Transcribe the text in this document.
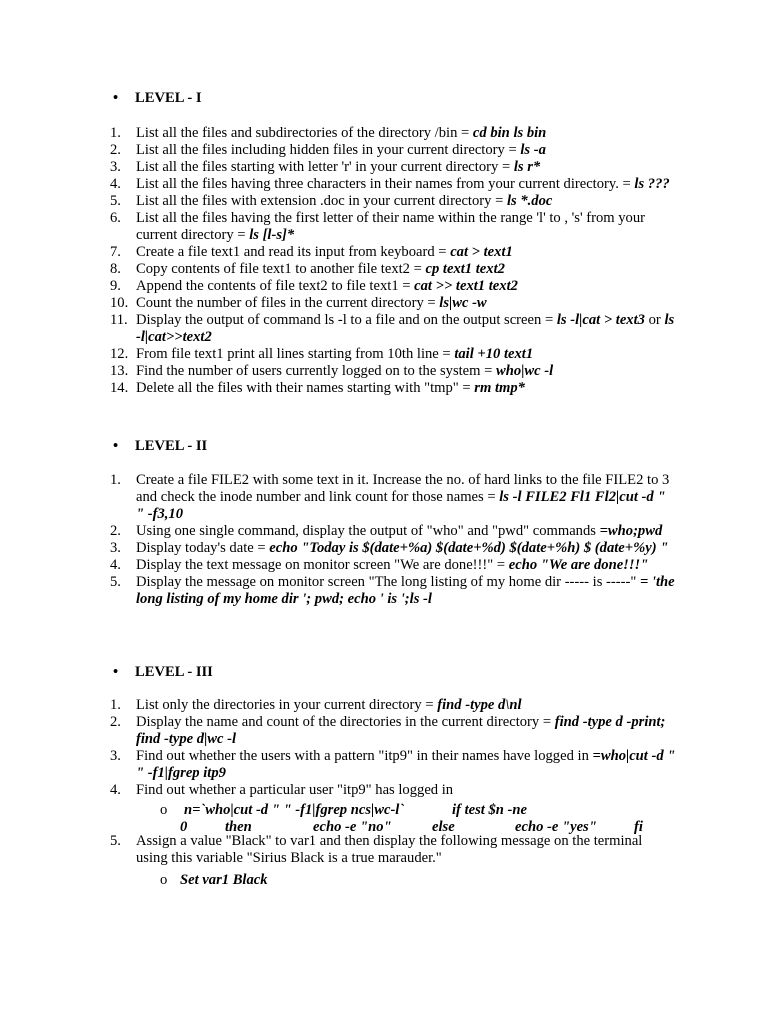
• LEVEL - I
1.	List all the files and subdirectories of the directory /bin = cd bin ls bin
2.	List all the files including hidden files in your current directory = ls -a
3.	List all the files starting with letter 'r' in your current directory = ls r*
4.	List all the files having three characters in their names from your current directory. = ls ???
5.	List all the files with extension .doc in your current directory = ls *.doc
6.	List all the files having the first letter of their name within the range 'l' to , 's' from your current directory = ls [l-s]*
7.	Create a file text1 and read its input from keyboard = cat > text1
8.	Copy contents of file text1 to another file text2 = cp text1 text2
9.	Append the contents of file text2 to file text1 = cat >> text1 text2
10. Count the number of files in the current directory = ls|wc -w
11. Display the output of command ls -l to a file and on the output screen = ls -l|cat > text3 or ls -l|cat>>text2
12. From file text1 print all lines starting from 10th line = tail +10 text1
13. Find the number of users currently logged on to the system = who|wc -l
14. Delete all the files with their names starting with "tmp" = rm tmp*
• LEVEL - II
1.	Create a file FILE2 with some text in it. Increase the no. of hard links to the file FILE2 to 3 and check the inode number and link count for those names = ls -l FILE2 Fl1 Fl2|cut -d " " -f3,10
2.	Using one single command, display the output of "who" and "pwd" commands =who;pwd
3.	Display today's date = echo "Today is $(date+%a) $(date+%d) $(date+%h) $ (date+%y) "
4.	Display the text message on monitor screen "We are done!!!" = echo "We are done!!!"
5.	Display the message on monitor screen "The long listing of my home dir ----- is -----" = 'the long listing of my home dir '; pwd; echo ' is ';ls -l
• LEVEL - III
1.	List only the directories in your current directory = find -type d\nl
2.	Display the name and count of the directories in the current directory = find -type d -print; find -type d|wc -l
3.	Find out whether the users with a pattern "itp9" in their names have logged in =who|cut -d " " -f1|fgrep itp9
4.	Find out whether a particular user "itp9" has logged in
5.	Assign a value "Black" to var1 and then display the following message on the terminal using this variable "Sirius Black is a true marauder."
o n=`who|cut -d " " -f1|fgrep ncs|wc-l`	if test $n -ne
0	then	echo -e "no"	else	echo -e "yes"	fi
o Set var1 Black
